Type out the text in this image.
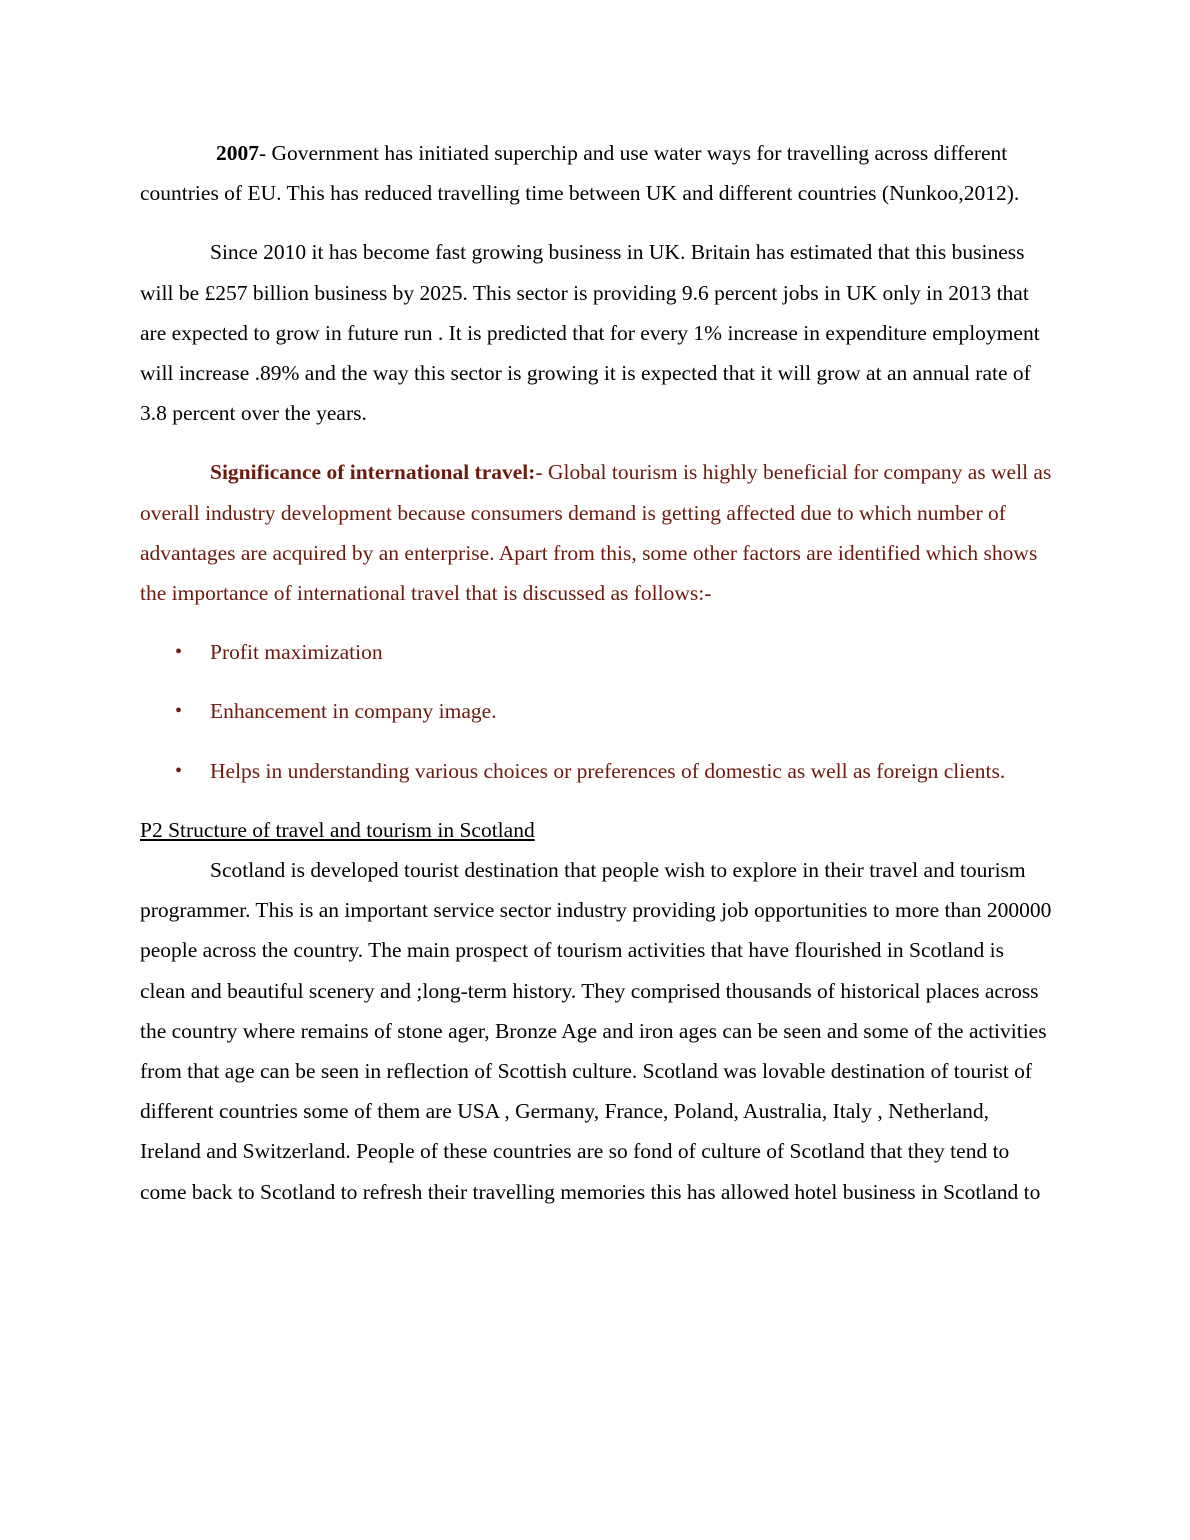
2007- Government has initiated superchip and use water ways for travelling across different countries of EU. This has reduced travelling time between UK and different countries (Nunkoo,2012).

Since 2010 it has become fast growing business in UK. Britain has estimated that this business will be £257 billion business by 2025. This sector is providing 9.6 percent jobs in UK only in 2013 that are expected to grow in future run . It is predicted that for every 1% increase in expenditure employment will increase .89% and the way this sector is growing it is expected that it will grow at an annual rate of 3.8 percent over the years.

Significance of international travel:- Global tourism is highly beneficial for company as well as overall industry development because consumers demand is getting affected due to which number of advantages are acquired by an enterprise. Apart from this, some other factors are identified which shows the importance of international travel that is discussed as follows:-

• Profit maximization
• Enhancement in company image.
• Helps in understanding various choices or preferences of domestic as well as foreign clients.

P2 Structure of travel and tourism in Scotland

Scotland is developed tourist destination that people wish to explore in their travel and tourism programmer. This is an important service sector industry providing job opportunities to more than 200000 people across the country. The main prospect of tourism activities that have flourished in Scotland is clean and beautiful scenery and ;long-term history. They comprised thousands of historical places across the country where remains of stone ager, Bronze Age and iron ages can be seen and some of the activities from that age can be seen in reflection of Scottish culture. Scotland was lovable destination of tourist of different countries some of them are USA , Germany, France, Poland, Australia, Italy , Netherland, Ireland and Switzerland. People of these countries are so fond of culture of Scotland that they tend to come back to Scotland to refresh their travelling memories this has allowed hotel business in Scotland to
